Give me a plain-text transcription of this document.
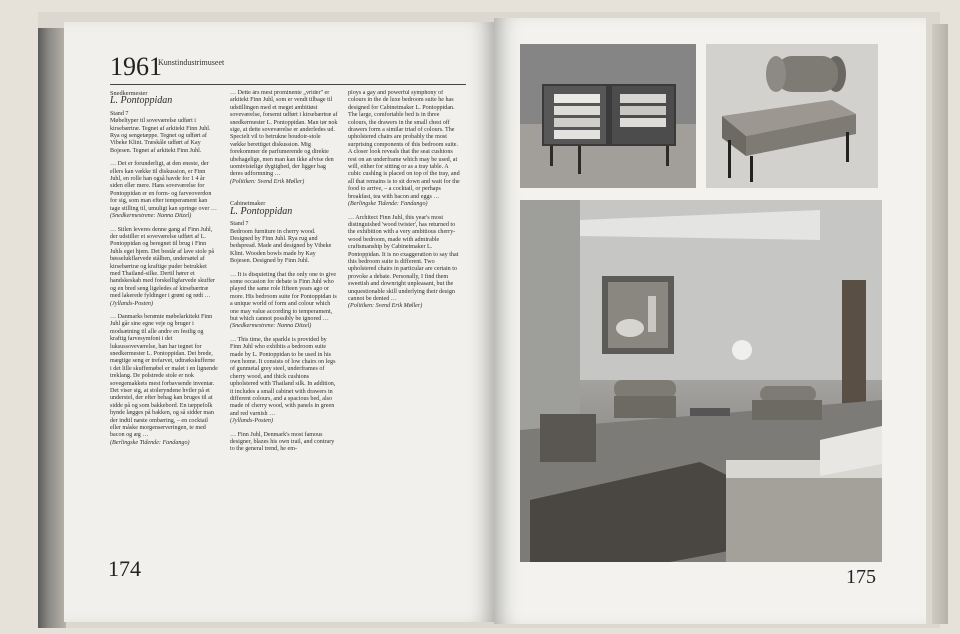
1961
Kunstindustrimuseet

Snedkermester

L. Pontoppidan

Stand 7

Møbeltyper til soveværelse udført i kirsebærtræ. Tegnet af arkitekt Finn Juhl. Rya og sengetæppe. Tegnet og udført af Vibeke Klint. Træskåle udført af Kay Bojesen. Tegnet af arkitekt Finn Juhl.

… Det er forunderligt, at den eneste, der ellers kan vække til diskussion, er Finn Juhl, en rolle han også havde for 1 4 år siden eller mere. Hans soveværelse for Pontoppidan er en form- og farveoverdon for sig, som man efter temperament kan tage stilling til, umuligt kan springe over …

(Snedkermestrene: Nanna Ditzel)

… Stilen leveres denne gang af Finn Juhl, der udstiller et soveværelse udført af L. Pontoppidan og beregnet til brug i Finn Juhls eget hjem. Det består af lave stole på bøsselukflarvede stålben, undersøtel af kirsebærtræ og kraftige puder betrukket med Thailand-silke. Dertil hører et handskeskab med forskelligfarvede skuffer og en bred seng ligeledes af kirsebærtræ med lakerede fyldinger i grønt og rødt …

(Jyllands-Posten)

… Danmarks berømte møbelarkitekt Finn Juhl går sine egne veje og bruger i modsætning til alle andre en festlig og kraftig farvesymfoni i det luksussoveværelse, han har tegnet for snedkermester L. Pontoppidan. Det brede, mægtige seng er trefarvet, udtrækskufferne i det lille skuffemøbel er malet i en lignende treklang. De polstrede stole er nok sovegemakkets mest forbavsende inventar. Det viser sig, at stoleryndene hviler på et understel, der efter behag kan bruges til at sidde på og som bakkebord. En tæppefolk hynde lægges på bakken, og så sidder man der indtil næste ombæring, – en cocktail eller måske morgenserveringen, te med bacon og æg …

(Berlingske Tidende: Fandango)

… Dette års mest prominente „vrider" er arkitekt Finn Juhl, som er vendt tilbage til udstillingen med et meget ambitiøst soveværelse, forsemt udført i kirsebærtræ af snedkermester L. Pontoppidan. Man tør nok sige, at dette soveværelse er anderledes ud. Specielt vil to betrukne boudoir-stole vække berettiget diskussion. Mig forekommer de parfumerende og direkte ubehagelige, men man kan ikke afvise den uomtvistelige dygtighed, der ligger bag deres udformning …

(Politiken: Svend Erik Møller)

Cabinetmaker

L. Pontoppidan

Stand 7

Bedroom furniture in cherry wood. Designed by Finn Juhl. Rya rug and bedspread. Made and designed by Vibeke Klint. Wooden bowls made by Kay Bojesen. Designed by Finn Juhl.

… It is disquieting that the only one to give some occasion for debate is Finn Juhl who played the same role fifteen years ago or more. His bedroom suite for Pontoppidan is a unique world of form and colour which one may value according to temperament, but which cannot possibly be ignored …

(Snedkermestrene: Nanna Ditzel)

… This time, the sparkle is provided by Finn Juhl who exhibits a bedroom suite made by L. Pontoppidan to be used in his own home. It consists of low chairs on legs of gunmetal grey steel, underframes of cherry wood, and thick cushions upholstered with Thailand silk. In addition, it includes a small cabinet with drawers in different colours, and a spacious bed, also made of cherry wood, with panels in green and red varnish …

(Jyllands-Posten)

… Finn Juhl, Denmark's most famous designer, blazes his own trail, and contrary to the general trend, he em-

ploys a gay and powerful symphony of colours in the de luxe bedroom suite he has designed for Cabinetmaker L. Pontoppidan. The large, comfortable bed is in three colours, the drawers in the small chest off drawers form a similar triad of colours. The upholstered chairs are probably the most surprising components of this bedroom suite. A closer look reveals that the seat cushions rest on an underframe which may be used, at will, either for sitting or as a tray table. A cubic cushlng is placed on top of the tray, and all that remains is to sit down and wait for the food to arrive, – a cocktail, or perhaps breakfast, tea with bacon and eggs …

(Berlingske Tidende: Fandango)

… Architect Finn Juhl, this year's most distinguished 'wood twister', has returned to the exhibition with a very ambitious cherry-wood bedroom, made with admirable craftsmanship by Cabinetmaker L. Pontoppidan. It is no exaggeration to say that this bedroom suite is different. Two upholstered chairs in particular are certain to provoke a debate. Personally, I find them sweetish and downright unpleasant, but the unquestionable skill underlying their design cannot be denied …

(Politiken: Svend Erik Møller)

174	175
